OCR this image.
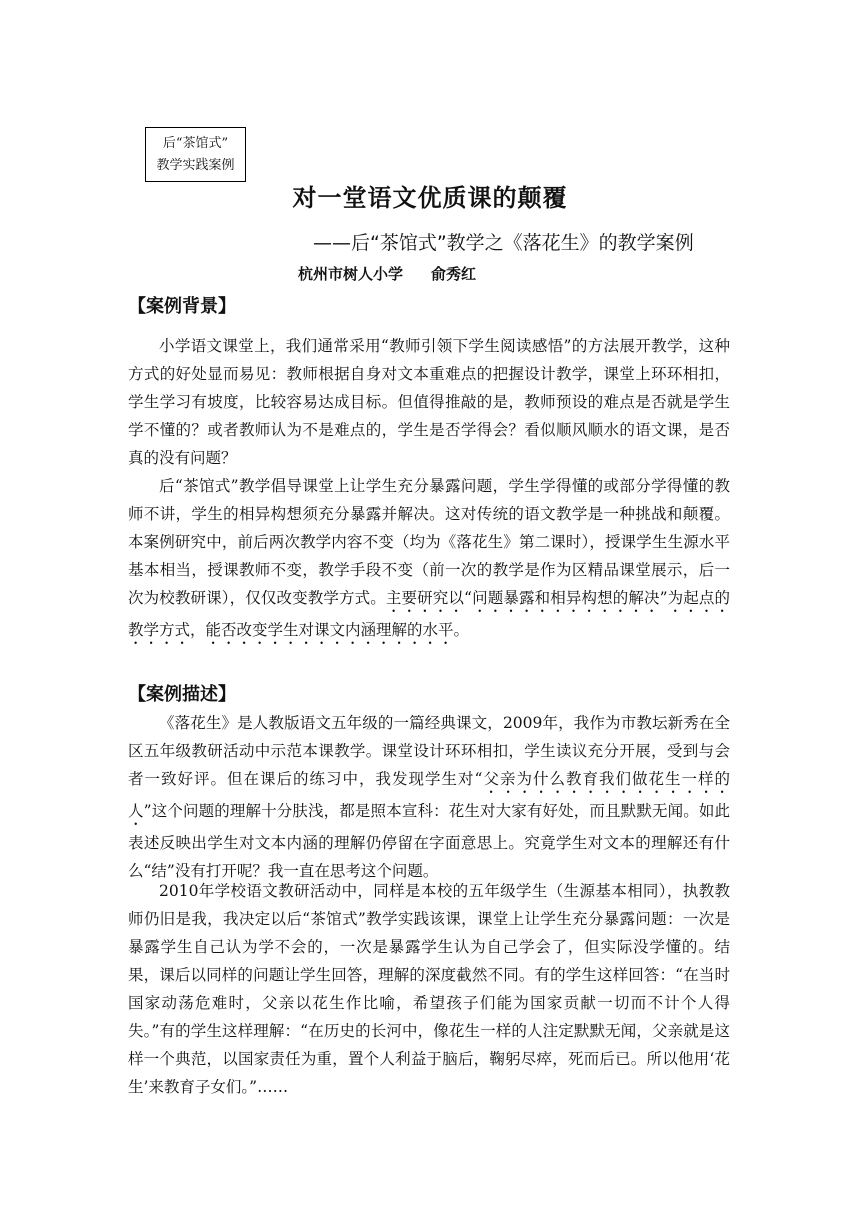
后“茶馆式”
教学实践案例
对一堂语文优质课的颠覆
——后“茶馆式”教学之《落花生》的教学案例
杭州市树人小学 俞秀红
【案例背景】

小学语文课堂上，我们通常采用“教师引领下学生阅读感悟”的方法展开教学，这种方式的好处显而易见：教师根据自身对文本重难点的把握设计教学，课堂上环环相扣，学生学习有坡度，比较容易达成目标。但值得推敲的是，教师预设的难点是否就是学生学不懂的？或者教师认为不是难点的，学生是否学得会？看似顺风顺水的语文课，是否真的没有问题？

后“茶馆式”教学倡导课堂上让学生充分暴露问题，学生学得懂的或部分学得懂的教师不讲，学生的相异构想须充分暴露并解决。这对传统的语文教学是一种挑战和颠覆。本案例研究中，前后两次教学内容不变（均为《落花生》第二课时），授课学生生源水平基本相当，授课教师不变，教学手段不变（前一次的教学是作为区精品课堂展示，后一次为校教研课），仅仅改变教学方式。主要研究以“问题暴露和相异构想的解决”为起点的教学方式，能否改变学生对课文内涵理解的水平。

【案例描述】

《落花生》是人教版语文五年级的一篇经典课文，2009年，我作为市教坛新秀在全区五年级教研活动中示范本课教学。课堂设计环环相扣，学生读议充分开展，受到与会者一致好评。但在课后的练习中，我发现学生对“父亲为什么教育我们做花生一样的人”这个问题的理解十分肤浅，都是照本宣科：花生对大家有好处，而且默默无闻。如此表述反映出学生对文本内涵的理解仍停留在字面意思上。究竟学生对文本的理解还有什么“结”没有打开呢？我一直在思考这个问题。

2010年学校语文教研活动中，同样是本校的五年级学生（生源基本相同），执教教师仍旧是我，我决定以后“茶馆式”教学实践该课，课堂上让学生充分暴露问题：一次是暴露学生自己认为学不会的，一次是暴露学生认为自己学会了，但实际没学懂的。结果，课后以同样的问题让学生回答，理解的深度截然不同。有的学生这样回答：“在当时国家动荡危难时，父亲以花生作比喻，希望孩子们能为国家贡献一切而不计个人得失。”有的学生这样理解：“在历史的长河中，像花生一样的人注定默默无闻，父亲就是这样一个典范，以国家责任为重，置个人利益于脑后，鞠躬尽瘁，死而后已。所以他用‘花生’来教育子女们。”……
